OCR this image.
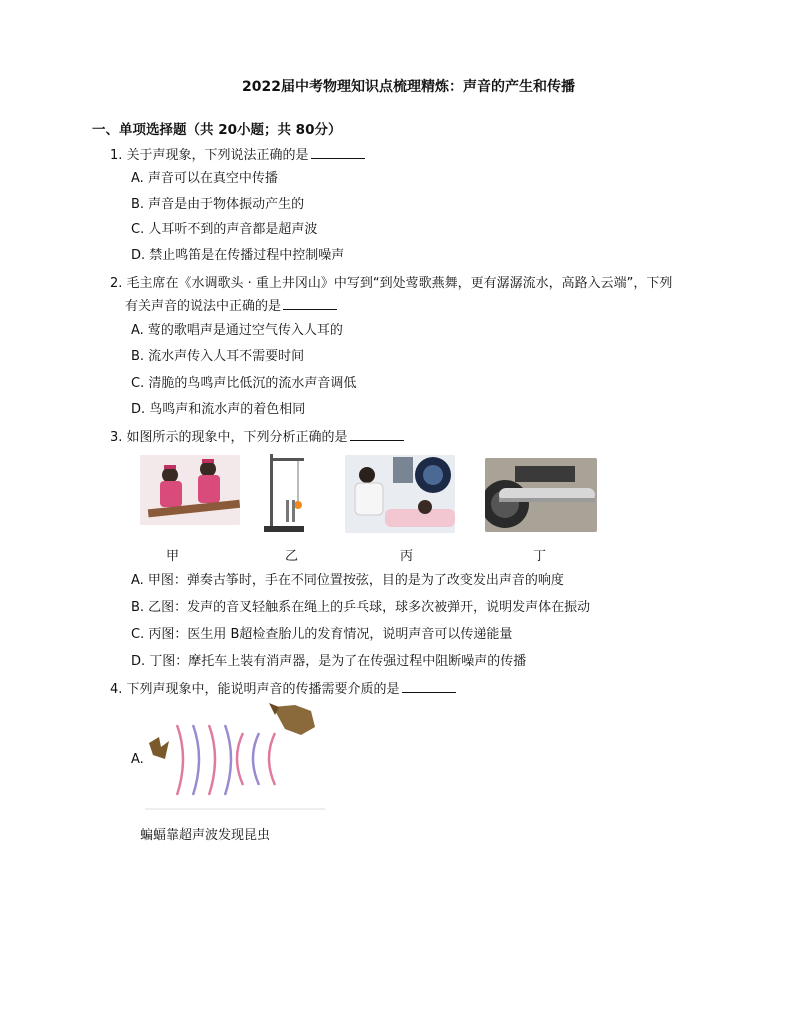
2022届中考物理知识点梳理精炼：声音的产生和传播
一、单项选择题（共 20小题；共 80分）
1. 关于声现象，下列说法正确的是
A. 声音可以在真空中传播
B. 声音是由于物体振动产生的
C. 人耳听不到的声音都是超声波
D. 禁止鸣笛是在传播过程中控制噪声
2. 毛主席在《水调歌头 · 重上井冈山》中写到“到处莺歌燕舞，更有潺潺流水，高路入云端”，下列
有关声音的说法中正确的是
A. 莺的歌唱声是通过空气传入人耳的
B. 流水声传入人耳不需要时间
C. 清脆的鸟鸣声比低沉的流水声音调低
D. 鸟鸣声和流水声的着色相同
3. 如图所示的现象中，下列分析正确的是
甲	乙	丙	丁
A. 甲图：弹奏古筝时，手在不同位置按弦，目的是为了改变发出声音的响度
B. 乙图：发声的音叉轻触系在绳上的乒乓球，球多次被弹开，说明发声体在振动
C. 丙图：医生用 B超检查胎儿的发育情况，说明声音可以传递能量
D. 丁图：摩托车上装有消声器，是为了在传强过程中阻断噪声的传播
4. 下列声现象中，能说明声音的传播需要介质的是
A.
蝙蝠靠超声波发现昆虫
